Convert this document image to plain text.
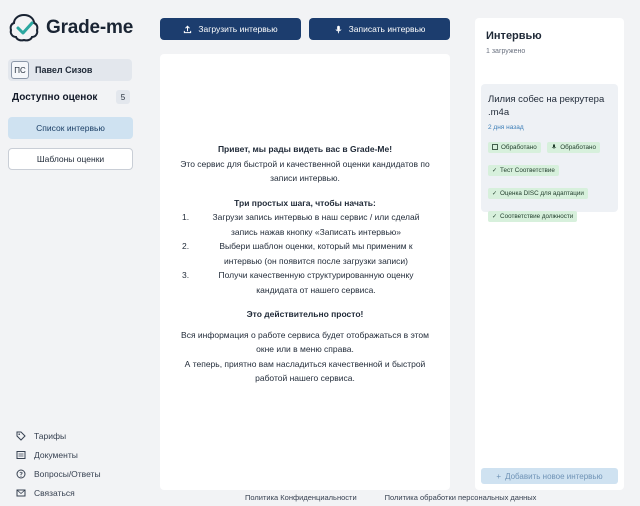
Grade-me
ПС	Павел Сизов
Доступно оценок	5
Список интервью
Шаблоны оценки
Тарифы
Документы
Вопросы/Ответы
Связаться
Загрузить интервью	Записать интервью

Привет, мы рады видеть вас в Grade-Me!

Это сервис для быстрой и качественной оценки кандидатов по записи интервью.

Три простых шага, чтобы начать:

1.	Загрузи запись интервью в наш сервис / или сделай запись нажав кнопку «Записать интервью»
2.	Выбери шаблон оценки, который мы применим к интервью (он появится после загрузки записи)
3.	Получи качественную структурированную оценку кандидата от нашего сервиса.

Это действительно просто!

Вся информация о работе сервиса будет отображаться в этом окне или в меню справа.

А теперь, приятно вам насладиться качественной и быстрой работой нашего сервиса.

Политика Конфиденциальности	Политика обработки персональных данных
Интервью
1 загружено
Лилия собес на рекрутера .m4a
2 дня назад
Обработано
	Обработано

✓ Тест Соответствие

✓ Оценка DISC для адаптации

✓ Соответствие должности
+ Добавить новое интервью
